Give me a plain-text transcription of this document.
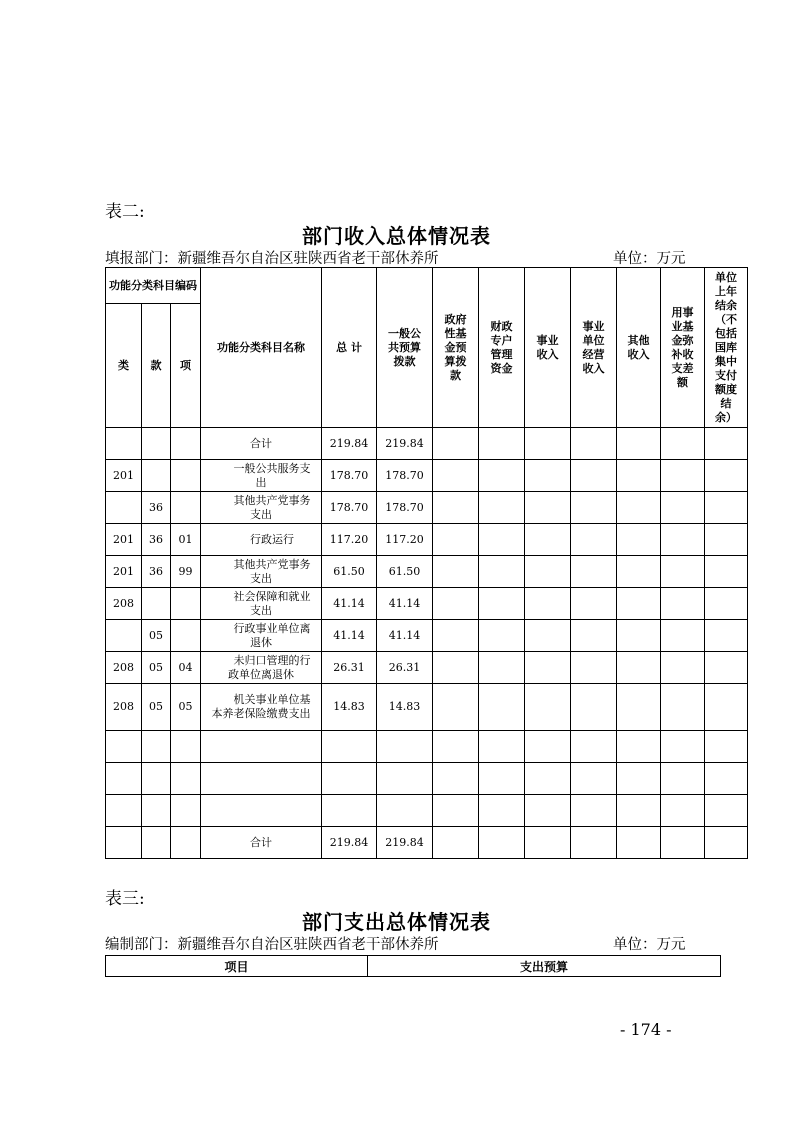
表二:
部门收入总体情况表
填报部门：新疆维吾尔自治区驻陕西省老干部休养所	单位：万元
功能分类科目编码			功能分类科目名称	总 计	一般公共预算拨款	政府性基金预算拨款	财政专户管理资金	事业收入	事业单位经营收入	其他收入	用事业基金弥补收支差额	单位上年结余（不包括国库集中支付额度结余）
类	款	项										
			合计	219.84	219.84							
201			一般公共服务支出	178.70	178.70							
	36		其他共产党事务支出	178.70	178.70							
201	36	01	行政运行	117.20	117.20							
201	36	99	其他共产党事务支出	61.50	61.50							
208			社会保障和就业支出	41.14	41.14							
	05		行政事业单位离退休	41.14	41.14							
208	05	04	未归口管理的行政单位离退休	26.31	26.31							
208	05	05	机关事业单位基本养老保险缴费支出	14.83	14.83							

			合计	219.84	219.84							
表三:
部门支出总体情况表
编制部门：新疆维吾尔自治区驻陕西省老干部休养所	单位：万元
项目	支出预算
- 174 -
